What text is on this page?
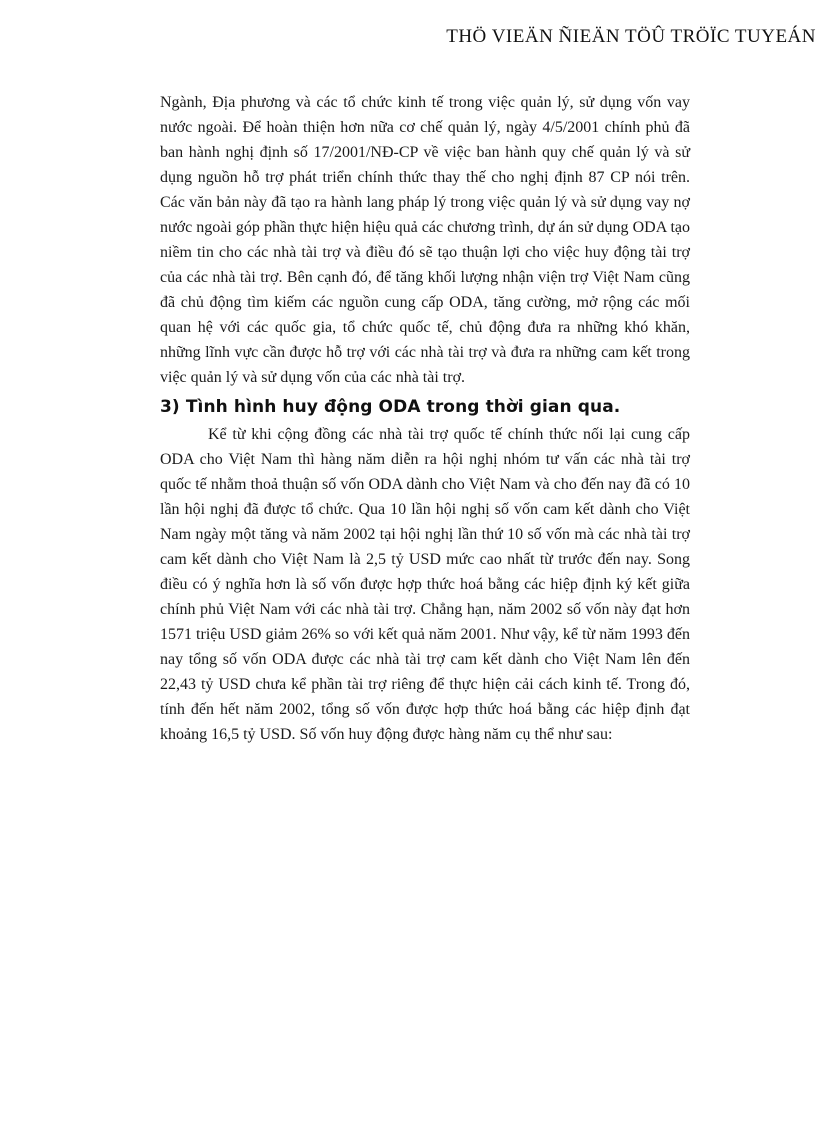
THÖ VIEÄN ÑIEÄN TÖÛ TRÖÏC TUYEÁN

Ngành, Địa phương và các tổ chức kinh tế trong việc quản lý, sử dụng vốn vay nước ngoài. Để hoàn thiện hơn nữa cơ chế quản lý, ngày 4/5/2001 chính phủ đã ban hành nghị định số 17/2001/NĐ-CP về việc ban hành quy chế quản lý và sử dụng nguồn hỗ trợ phát triển chính thức thay thế cho nghị định 87 CP nói trên. Các văn bản này đã tạo ra hành lang pháp lý trong việc quản lý và sử dụng vay nợ nước ngoài góp phần thực hiện hiệu quả các chương trình, dự án sử dụng ODA tạo niềm tin cho các nhà tài trợ và điều đó sẽ tạo thuận lợi cho việc huy động tài trợ của các nhà tài trợ. Bên cạnh đó, để tăng khối lượng nhận viện trợ Việt Nam cũng đã chủ động tìm kiếm các nguồn cung cấp ODA, tăng cường, mở rộng các mối quan hệ với các quốc gia, tổ chức quốc tế, chủ động đưa ra những khó khăn, những lĩnh vực cần được hỗ trợ với các nhà tài trợ và đưa ra những cam kết trong việc quản lý và sử dụng vốn của các nhà tài trợ.

3) Tình hình huy động ODA trong thời gian qua.

Kể từ khi cộng đồng các nhà tài trợ quốc tế chính thức nối lại cung cấp ODA cho Việt Nam thì hàng năm diễn ra hội nghị nhóm tư vấn các nhà tài trợ quốc tế nhằm thoả thuận số vốn ODA dành cho Việt Nam và cho đến nay đã có 10 lần hội nghị đã được tổ chức. Qua 10 lần hội nghị số vốn cam kết dành cho Việt Nam ngày một tăng và năm 2002 tại hội nghị lần thứ 10 số vốn mà các nhà tài trợ cam kết dành cho Việt Nam là 2,5 tỷ USD mức cao nhất từ trước đến nay. Song điều có ý nghĩa hơn là số vốn được hợp thức hoá bằng các hiệp định ký kết giữa chính phủ Việt Nam với các nhà tài trợ. Chẳng hạn, năm 2002 số vốn này đạt hơn 1571 triệu USD giảm 26% so với kết quả năm 2001. Như vậy, kể từ năm 1993 đến nay tổng số vốn ODA được các nhà tài trợ cam kết dành cho Việt Nam lên đến 22,43 tỷ USD chưa kể phần tài trợ riêng để thực hiện cải cách kinh tế. Trong đó, tính đến hết năm 2002, tổng số vốn được hợp thức hoá bằng các hiệp định đạt khoảng 16,5 tỷ USD. Số vốn huy động được hàng năm cụ thể như sau:
